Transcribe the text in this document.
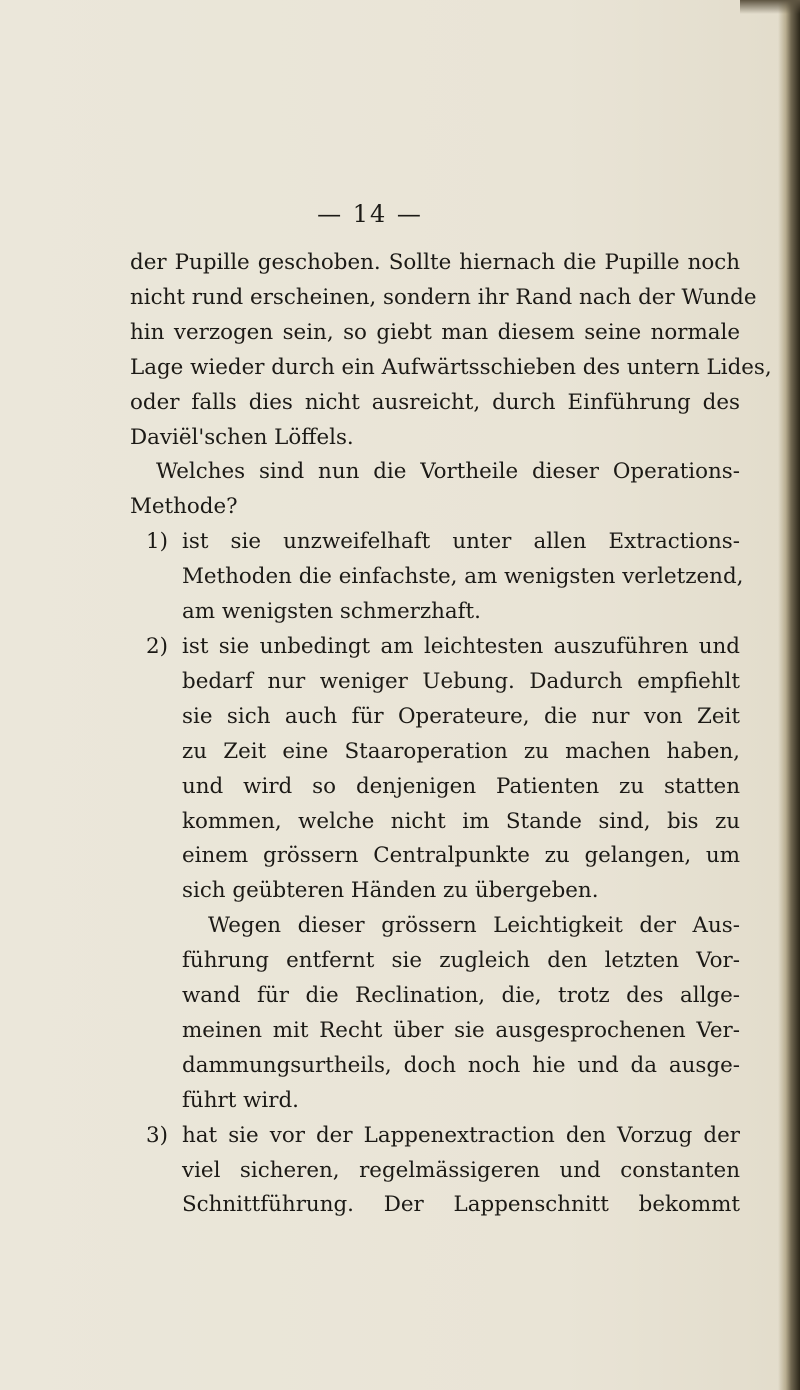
— 14 —
der Pupille geschoben. Sollte hiernach die Pupille noch
nicht rund erscheinen, sondern ihr Rand nach der Wunde
hin verzogen sein, so giebt man diesem seine normale
Lage wieder durch ein Aufwärtsschieben des untern Lides,
oder falls dies nicht ausreicht, durch Einführung des
Daviël'schen Löffels.
Welches sind nun die Vortheile dieser Operations-
Methode?
1) ist sie unzweifelhaft unter allen Extractions-
Methoden die einfachste, am wenigsten verletzend,
am wenigsten schmerzhaft.
2) ist sie unbedingt am leichtesten auszuführen und
bedarf nur weniger Uebung. Dadurch empfiehlt
sie sich auch für Operateure, die nur von Zeit
zu Zeit eine Staaroperation zu machen haben,
und wird so denjenigen Patienten zu statten
kommen, welche nicht im Stande sind, bis zu
einem grössern Centralpunkte zu gelangen, um
sich geübteren Händen zu übergeben.
Wegen dieser grössern Leichtigkeit der Aus-
führung entfernt sie zugleich den letzten Vor-
wand für die Reclination, die, trotz des allge-
meinen mit Recht über sie ausgesprochenen Ver-
dammungsurtheils, doch noch hie und da ausge-
führt wird.
3) hat sie vor der Lappenextraction den Vorzug der
viel sicheren, regelmässigeren und constanten
Schnittführung. Der Lappenschnitt bekommt
